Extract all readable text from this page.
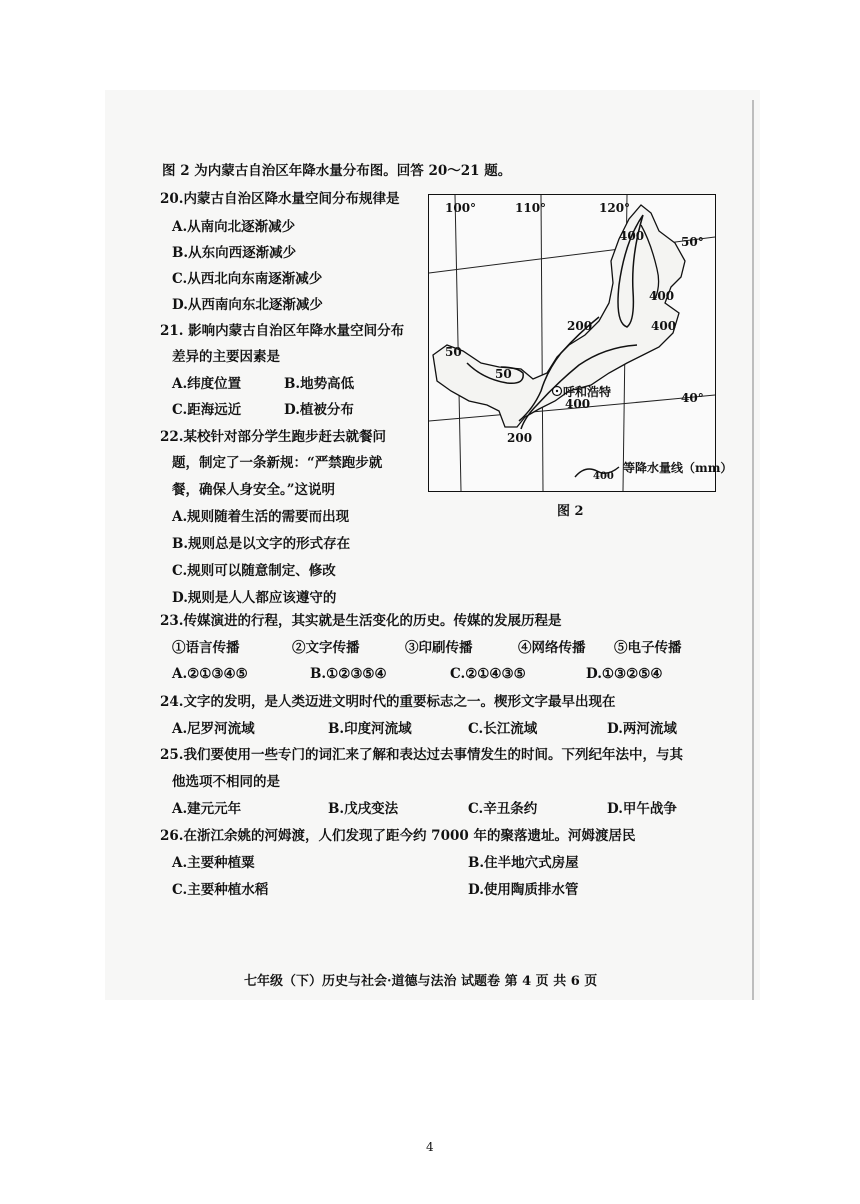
图 2 为内蒙古自治区年降水量分布图。回答 20～21 题。
20.内蒙古自治区降水量空间分布规律是
A.从南向北逐渐减少
B.从东向西逐渐减少
C.从西北向东南逐渐减少
D.从西南向东北逐渐减少
21. 影响内蒙古自治区年降水量空间分布
差异的主要因素是
A.纬度位置	B.地势高低
C.距海远近	D.植被分布
22.某校针对部分学生跑步赶去就餐问
题，制定了一条新规：“严禁跑步就
餐，确保人身安全。”这说明
A.规则随着生活的需要而出现
B.规则总是以文字的形式存在
C.规则可以随意制定、修改
D.规则是人人都应该遵守的
23.传媒演进的行程，其实就是生活变化的历史。传媒的发展历程是
①语言传播	②文字传播	③印刷传播	④网络传播 ⑤电子传播
A.②①③④⑤	B.①②③⑤④	C.②①④③⑤	D.①③②⑤④
24.文字的发明，是人类迈进文明时代的重要标志之一。楔形文字最早出现在
A.尼罗河流域	B.印度河流域	C.长江流域	D.两河流域
25.我们要使用一些专门的词汇来了解和表达过去事情发生的时间。下列纪年法中，与其
他选项不相同的是
A.建元元年	B.戊戌变法	C.辛丑条约	D.甲午战争
26.在浙江余姚的河姆渡，人们发现了距今约 7000 年的聚落遗址。河姆渡居民
A.主要种植粟	B.住半地穴式房屋
C.主要种植水稻	D.使用陶质排水管
100°	110°	120°
50°
40°
400
400
400
200
50
50
400
200
呼和浩特
等降水量线（mm）
400
图 2
七年级（下）历史与社会·道德与法治 试题卷 第 4 页 共 6 页
4
